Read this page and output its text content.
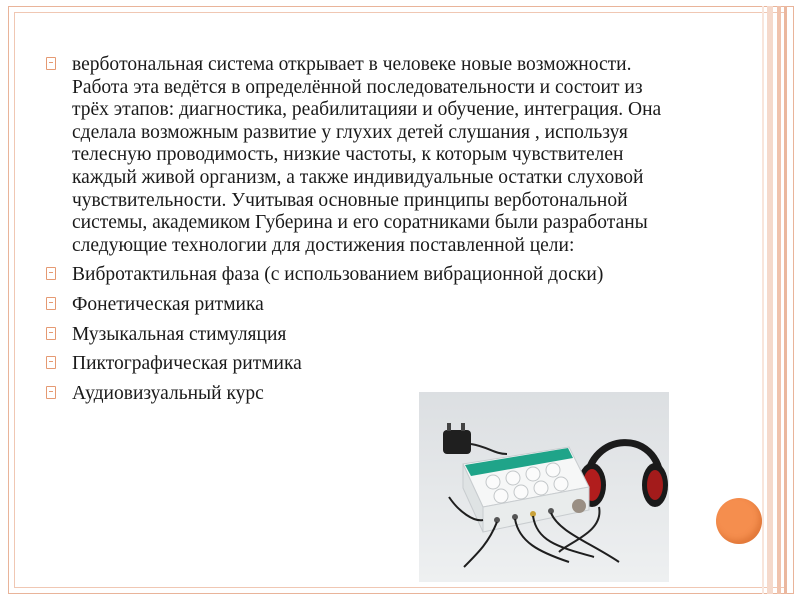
вербoтональная система открывает в человеке новые возможности. Работа эта ведётся в определённой последовательности и состоит из трёх этапов: диагностика, реабилитацияи и обучение, интеграция. Она сделала возможным развитие у глухих детей слушания , используя телесную проводимость, низкие частоты, к которым чувствителен каждый живой организм, а также индивидуальные остатки слуховой чувствительности. Учитывая основные принципы верботональной системы, академиком Губерина и его соратниками были разработаны следующие технологии для достижения поставленной цели:
Вибротактильная фаза (с использованием вибрационной доски)
Фонетическая ритмика
Музыкальная стимуляция
Пиктографическая ритмика
Аудиовизуальный курс
